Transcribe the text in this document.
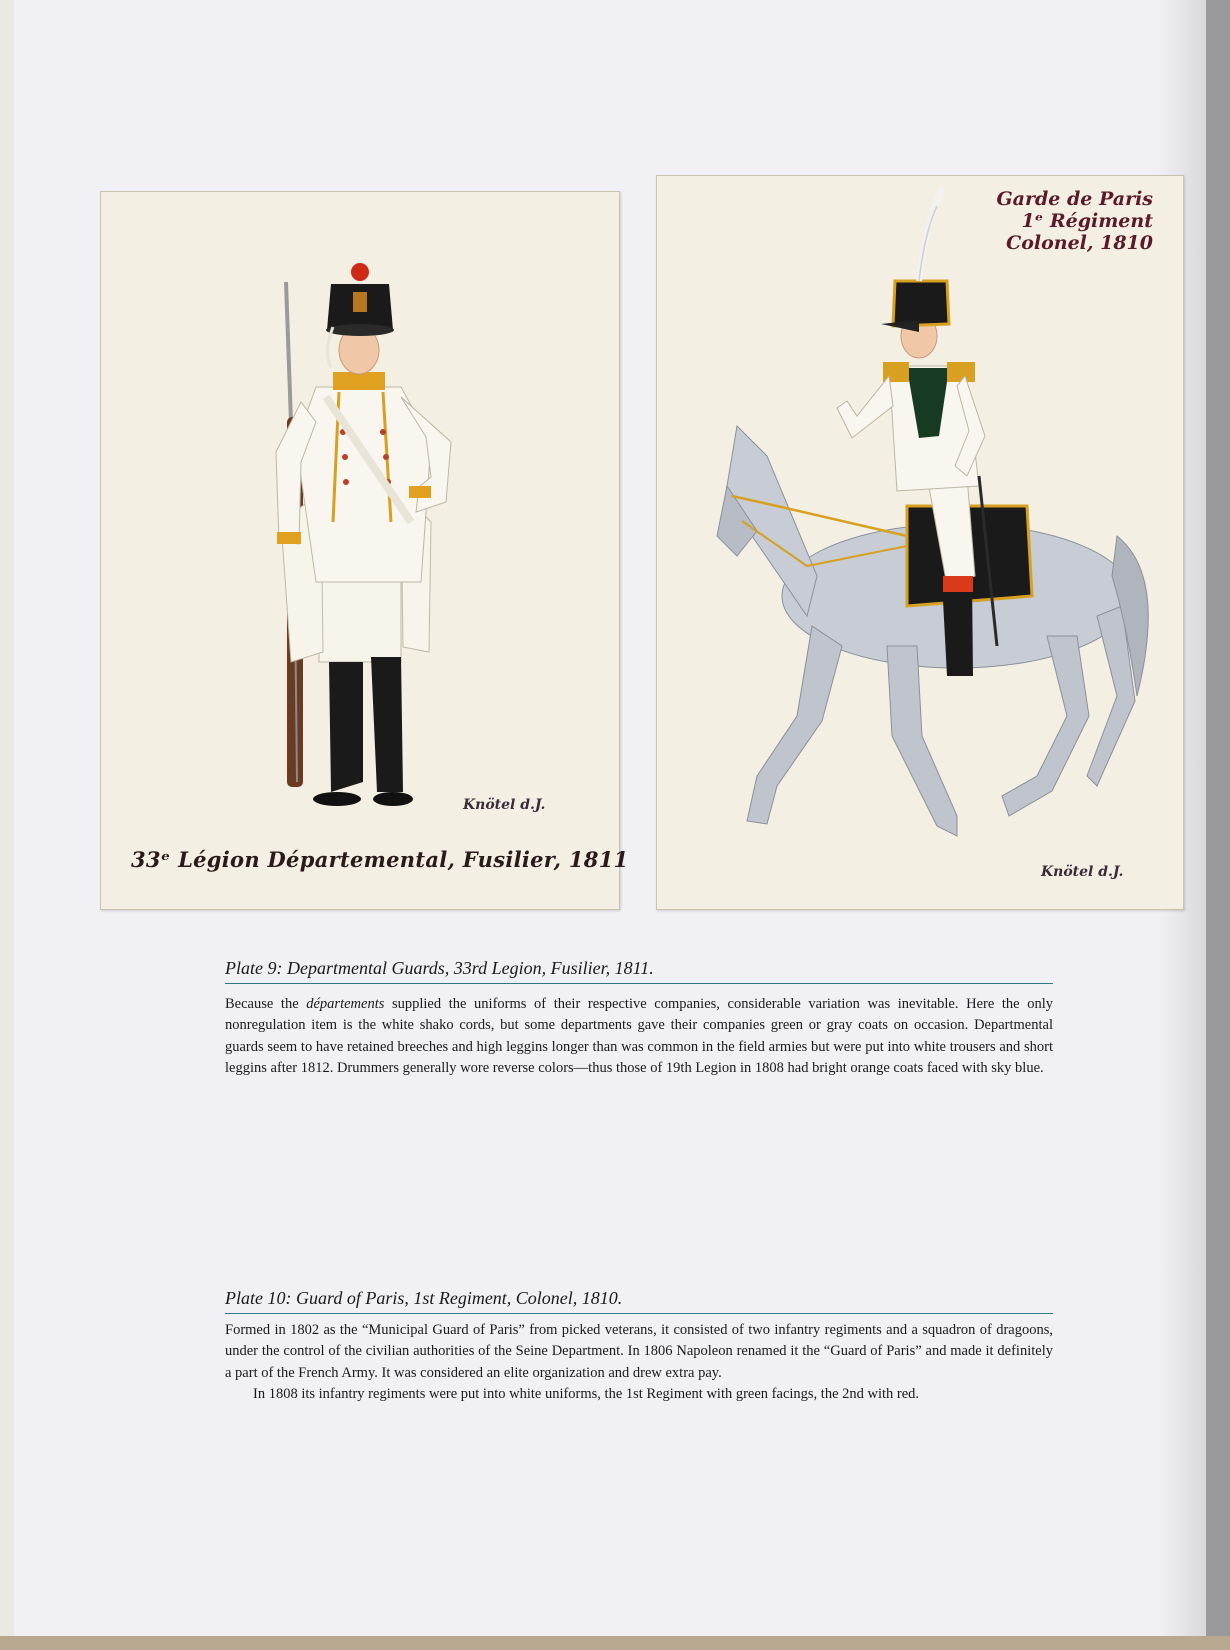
33ᵉ Légion Départemental, Fusilier, 1811
Knötel d.J.
Garde de Paris
1ᵉ Régiment
Colonel, 1810
Knötel d.J.
Plate 9: Departmental Guards, 33rd Legion, Fusilier, 1811.

Because the départements supplied the uniforms of their respective companies, considerable variation was inevitable. Here the only nonregulation item is the white shako cords, but some departments gave their companies green or gray coats on occasion. Departmental guards seem to have retained breeches and high leggins longer than was common in the field armies but were put into white trousers and short leggins after 1812. Drummers generally wore reverse colors—thus those of 19th Legion in 1808 had bright orange coats faced with sky blue.

Plate 10: Guard of Paris, 1st Regiment, Colonel, 1810.

Formed in 1802 as the “Municipal Guard of Paris” from picked veterans, it consisted of two infantry regiments and a squadron of dragoons, under the control of the civilian authorities of the Seine Department. In 1806 Napoleon renamed it the “Guard of Paris” and made it definitely a part of the French Army. It was considered an elite organization and drew extra pay.

In 1808 its infantry regiments were put into white uniforms, the 1st Regiment with green facings, the 2nd with red.
